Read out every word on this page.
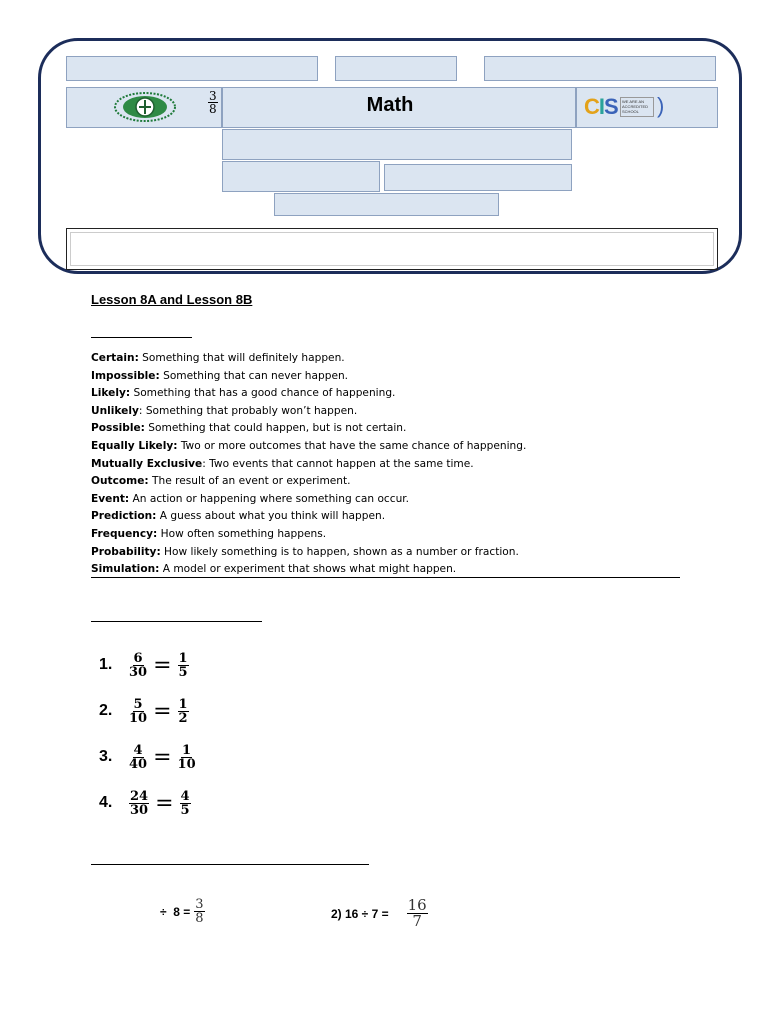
$\frac{3}{8}$	Math	CIS	WE ARE AN ACCREDITED SCHOOL )
Lesson 8A and Lesson 8B
Certain: Something that will definitely happen.
Impossible: Something that can never happen.
Likely: Something that has a good chance of happening.
Unlikely: Something that probably won’t happen.
Possible: Something that could happen, but is not certain.
Equally Likely: Two or more outcomes that have the same chance of happening.
Mutually Exclusive: Two events that cannot happen at the same time.
Outcome: The result of an event or experiment.
Event: An action or happening where something can occur.
Prediction: A guess about what you think will happen.
Frequency: How often something happens.
Probability: How likely something is to happen, shown as a number or fraction.
Simulation: A model or experiment that shows what might happen.
1.	$\frac{6}{30} = \frac{1}{5}$
2.	$\frac{5}{10} = \frac{1}{2}$
3.	$\frac{4}{40} = \frac{1}{10}$
4.	$\frac{24}{30} = \frac{4}{5}$
÷  $8 = \frac{3}{8}$	2) $16 \div 7 = \frac{16}{7}$
